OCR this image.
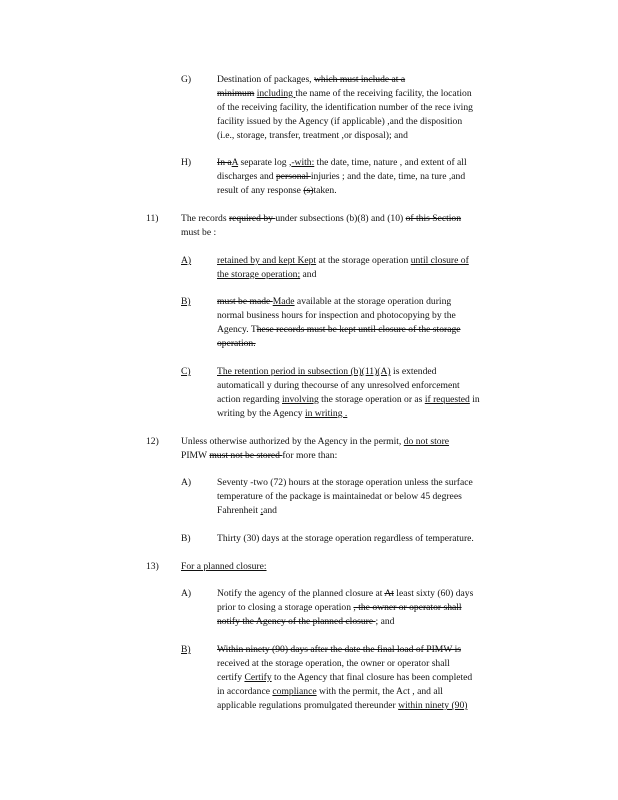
G)
H)
11)
A)
B)
C)
12)
A)
B)
13)
A)
B)
Destination of packages, which must include at a
minimum including the name of the receiving facility, the location
of the receiving facility, the identification number of the rece iving
facility issued by the Agency (if applicable) ,and the disposition
(i.e., storage, transfer, treatment ,or disposal); and
In aA separate log ,-with: the date, time, nature , and extent of all
discharges and personal injuries ; and the date, time, na ture ,and
result of any response (s)taken.
The records required by under subsections (b)(8) and (10) of this Section
must be :
retained by and kept Kept at the storage operation until closure of
the storage operation; and
must be made Made available at the storage operation during
normal business hours for inspection and photocopying by the
Agency. These records must be kept until closure of the storage
operation.
The retention period in subsection (b)(11)(A) is extended
automaticall y during thecourse of any unresolved enforcement
action regarding involving the storage operation or as if requested in
writing by the Agency in writing .
Unless otherwise authorized by the Agency in the permit, do not store
PIMW must not be stored for more than:
Seventy -two (72) hours at the storage operation unless the surface
temperature of the package is maintainedat or below 45 degrees
Fahrenheit ;and
Thirty (30) days at the storage operation regardless of temperature.
For a planned closure:
Notify the agency of the planned closure at At least sixty (60) days
prior to closing a storage operation , the owner or operator shall
notify the Agency of the planned closure ; and
Within ninety (90) days after the date the final load of PIMW is
received at the storage operation, the owner or operator shall
certify Certify to the Agency that final closure has been completed
in accordance compliance with the permit, the Act , and all
applicable regulations promulgated thereunder within ninety (90)
